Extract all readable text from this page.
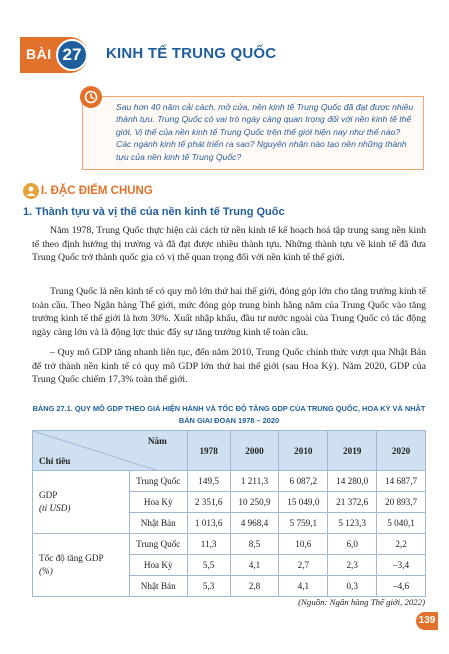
BÀI 27	KINH TẾ TRUNG QUỐC

Sau hơn 40 năm cải cách, mở cửa, nền kinh tế Trung Quốc đã đạt được nhiều thành tựu. Trung Quốc có vai trò ngày càng quan trọng đối với nền kinh tế thế giới. Vị thế của nền kinh tế Trung Quốc trên thế giới hiện nay như thế nào? Các ngành kinh tế phát triển ra sao? Nguyên nhân nào tạo nên những thành tựu của nền kinh tế Trung Quốc?

I. ĐẶC ĐIỂM CHUNG
1. Thành tựu và vị thế của nền kinh tế Trung Quốc

Năm 1978, Trung Quốc thực hiện cải cách từ nền kinh tế kế hoạch hoá tập trung sang nền kinh tế theo định hướng thị trường và đã đạt được nhiều thành tựu. Những thành tựu về kinh tế đã đưa Trung Quốc trở thành quốc gia có vị thế quan trọng đối với nền kinh tế thế giới.

Trung Quốc là nền kinh tế có quy mô lớn thứ hai thế giới, đóng góp lớn cho tăng trưởng kinh tế toàn cầu. Theo Ngân hàng Thế giới, mức đóng góp trung bình hằng năm của Trung Quốc vào tăng trưởng kinh tế thế giới là hơn 30%. Xuất nhập khẩu, đầu tư nước ngoài của Trung Quốc có tác động ngày càng lớn và là động lực thúc đẩy sự tăng trưởng kinh tế toàn cầu.

– Quy mô GDP tăng nhanh liên tục, đến năm 2010, Trung Quốc chính thức vượt qua Nhật Bản để trở thành nền kinh tế có quy mô GDP lớn thứ hai thế giới (sau Hoa Kỳ). Năm 2020, GDP của Trung Quốc chiếm 17,3% toàn thế giới.

BẢNG 27.1. QUY MÔ GDP THEO GIÁ HIỆN HÀNH VÀ TỐC ĐỘ TĂNG GDP CỦA TRUNG QUỐC, HOA KỲ VÀ NHẬT BẢN GIAI ĐOẠN 1978 – 2020
Năm
Chỉ tiêu		1978	2000	2010	2019	2020
GDP
(tỉ USD)	Trung Quốc	149,5	1 211,3	6 087,2	14 280,0	14 687,7
	Hoa Kỳ	2 351,6	10 250,9	15 049,0	21 372,6	20 893,7
	Nhật Bản	1 013,6	4 968,4	5 759,1	5 123,3	5 040,1
Tốc độ tăng GDP
(%)	Trung Quốc	11,3	8,5	10,6	6,0	2,2
	Hoa Kỳ	5,5	4,1	2,7	2,3	–3,4
	Nhật Bản	5,3	2,8	4,1	0,3	–4,6

(Nguồn: Ngân hàng Thế giới, 2022)

139
